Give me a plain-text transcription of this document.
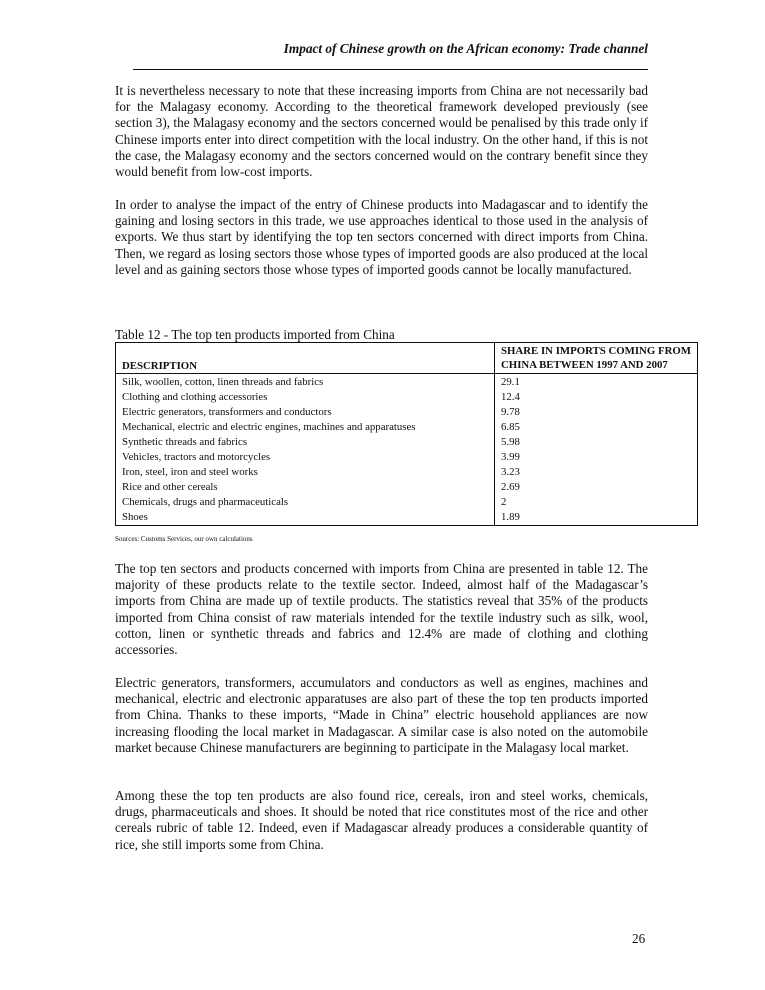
Impact of Chinese growth on the African economy: Trade channel

It is nevertheless necessary to note that these increasing imports from China are not necessarily bad for the Malagasy economy. According to the theoretical framework developed previously (see section 3), the Malagasy economy and the sectors concerned would be penalised by this trade only if Chinese imports enter into direct competition with the local industry. On the other hand, if this is not the case, the Malagasy economy and the sectors concerned would on the contrary benefit since they would benefit from low-cost imports.

In order to analyse the impact of the entry of Chinese products into Madagascar and to identify the gaining and losing sectors in this trade, we use approaches identical to those used in the analysis of exports. We thus start by identifying the top ten sectors concerned with direct imports from China. Then, we regard as losing sectors those whose types of imported goods are also produced at the local level and as gaining sectors those whose types of imported goods cannot be locally manufactured.

Table 12 - The top ten products imported from China
DESCRIPTION	SHARE IN IMPORTS COMING FROM CHINA BETWEEN 1997 AND 2007
Silk, woollen, cotton, linen threads and fabrics	29.1
Clothing and clothing accessories	12.4
Electric generators, transformers and conductors	9.78
Mechanical, electric and electric engines, machines and apparatuses	6.85
Synthetic threads and fabrics	5.98
Vehicles, tractors and motorcycles	3.99
Iron, steel, iron and steel works	3.23
Rice and other cereals	2.69
Chemicals, drugs and pharmaceuticals	2
Shoes	1.89
Sources: Customs Services, our own calculations

The top ten sectors and products concerned with imports from China are presented in table 12. The majority of these products relate to the textile sector. Indeed, almost half of the Madagascar’s imports from China are made up of textile products. The statistics reveal that 35% of the products imported from China consist of raw materials intended for the textile industry such as silk, wool, cotton, linen or synthetic threads and fabrics and 12.4% are made of clothing and clothing accessories.

Electric generators, transformers, accumulators and conductors as well as engines, machines and mechanical, electric and electronic apparatuses are also part of these the top ten products imported from China. Thanks to these imports, “Made in China” electric household appliances are now increasing flooding the local market in Madagascar. A similar case is also noted on the automobile market because Chinese manufacturers are beginning to participate in the Malagasy local market.

Among these the top ten products are also found rice, cereals, iron and steel works, chemicals, drugs, pharmaceuticals and shoes. It should be noted that rice constitutes most of the rice and other cereals rubric of table 12. Indeed, even if Madagascar already produces a considerable quantity of rice, she still imports some from China.

26
